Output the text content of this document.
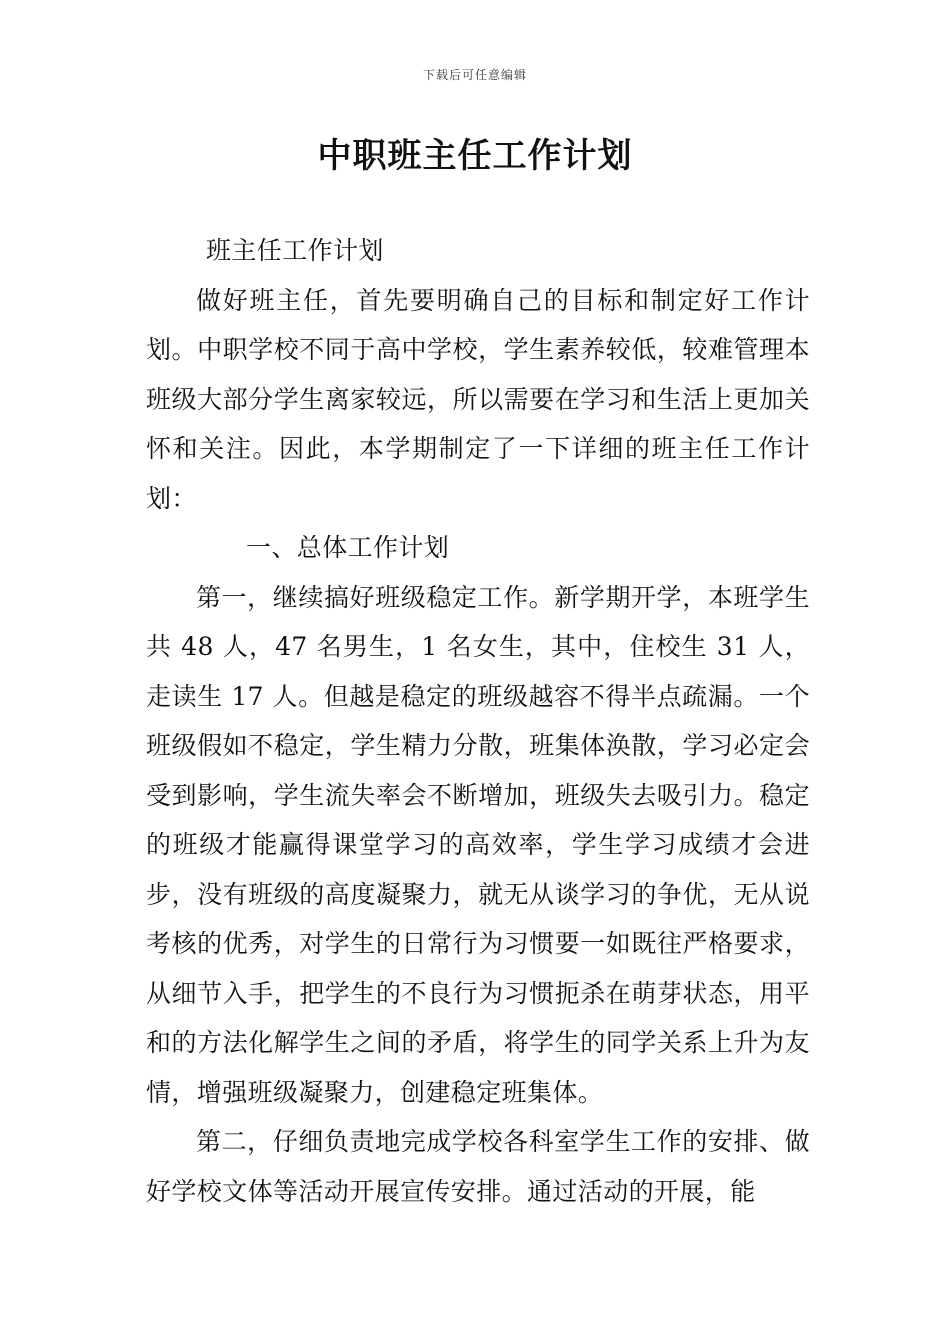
下载后可任意编辑
中职班主任工作计划

班主任工作计划

做好班主任，首先要明确自己的目标和制定好工作计划。中职学校不同于高中学校，学生素养较低，较难管理本班级大部分学生离家较远，所以需要在学习和生活上更加关怀和关注。因此，本学期制定了一下详细的班主任工作计划：

一、总体工作计划

第一，继续搞好班级稳定工作。新学期开学，本班学生共 48 人，47 名男生，1 名女生，其中，住校生 31 人，走读生 17 人。但越是稳定的班级越容不得半点疏漏。一个班级假如不稳定，学生精力分散，班集体涣散，学习必定会受到影响，学生流失率会不断增加，班级失去吸引力。稳定的班级才能赢得课堂学习的高效率，学生学习成绩才会进步，没有班级的高度凝聚力，就无从谈学习的争优，无从说考核的优秀，对学生的日常行为习惯要一如既往严格要求，从细节入手，把学生的不良行为习惯扼杀在萌芽状态，用平和的方法化解学生之间的矛盾，将学生的同学关系上升为友情，增强班级凝聚力，创建稳定班集体。

第二，仔细负责地完成学校各科室学生工作的安排、做好学校文体等活动开展宣传安排。通过活动的开展，能
